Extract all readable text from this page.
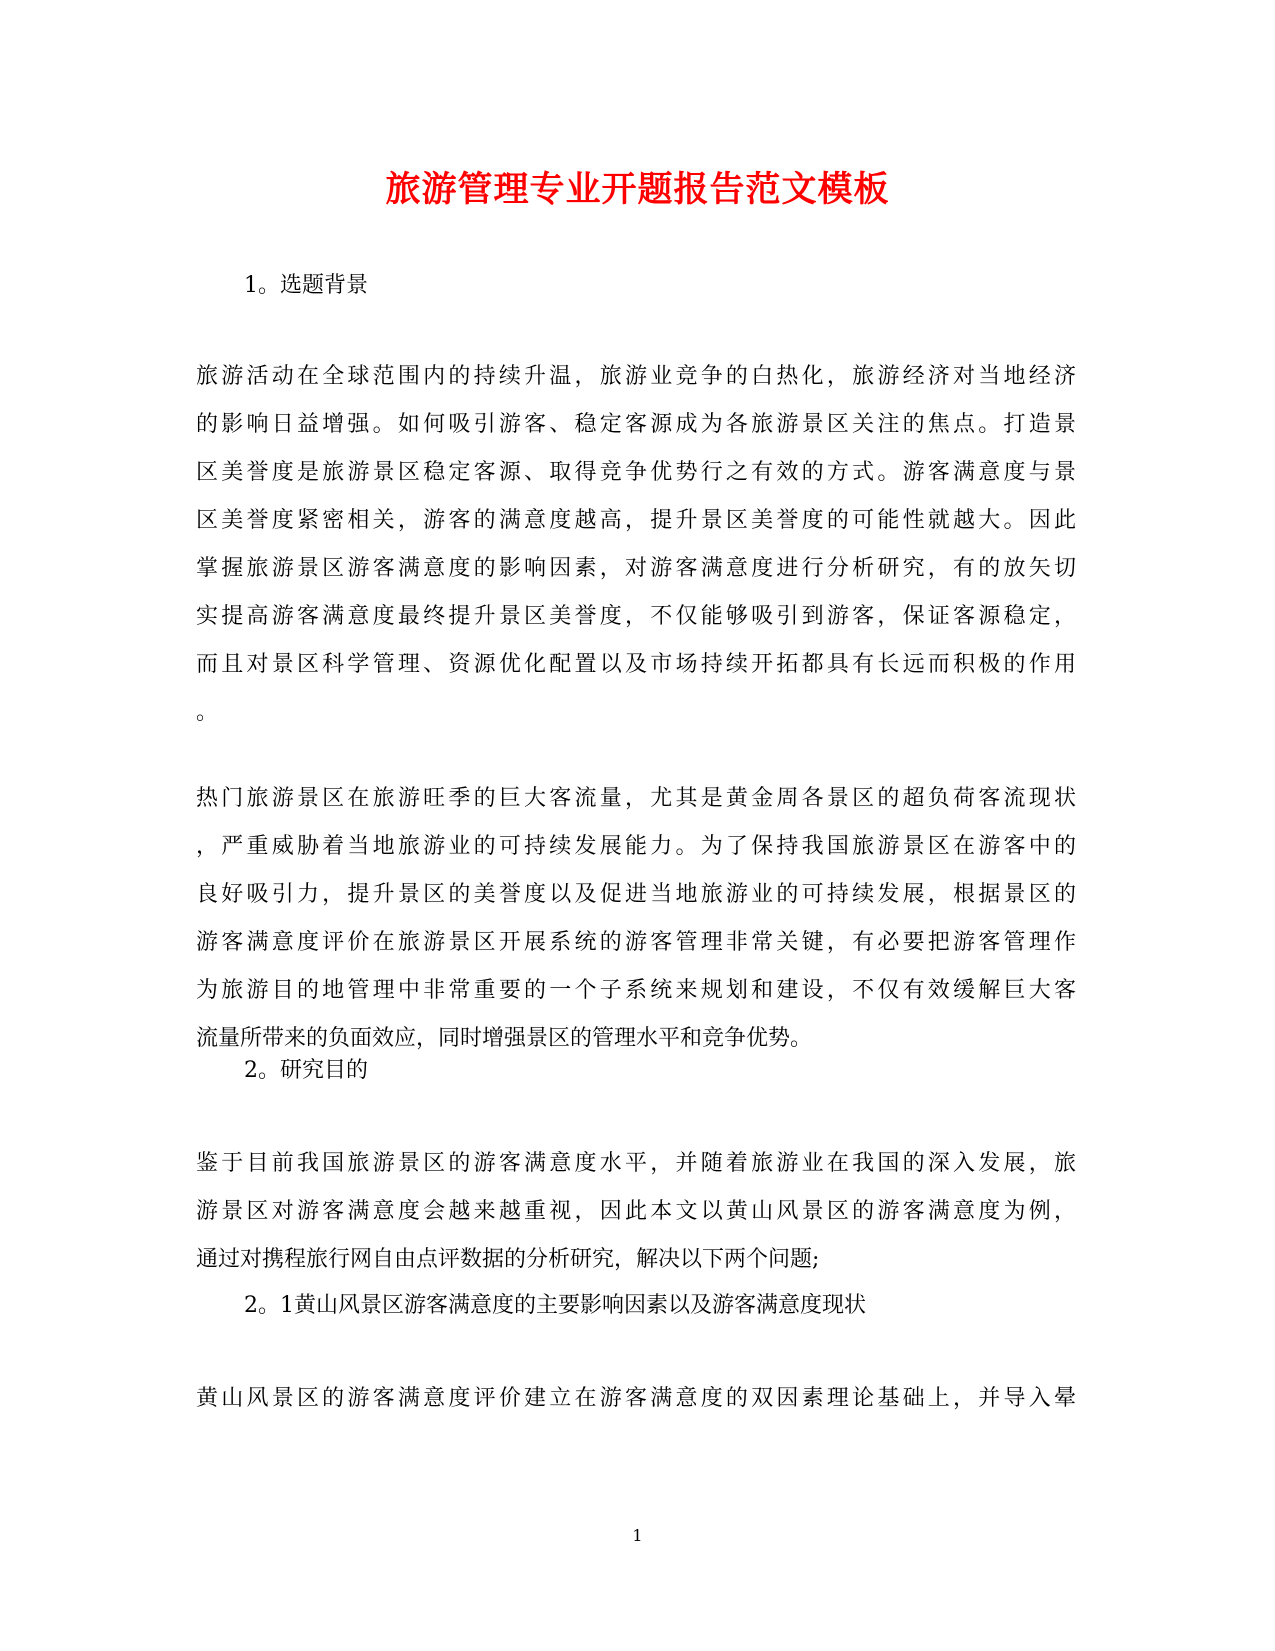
旅游管理专业开题报告范文模板
1。选题背景
旅游活动在全球范围内的持续升温，旅游业竞争的白热化，旅游经济对当地经济
的影响日益增强。如何吸引游客、稳定客源成为各旅游景区关注的焦点。打造景
区美誉度是旅游景区稳定客源、取得竞争优势行之有效的方式。游客满意度与景
区美誉度紧密相关，游客的满意度越高，提升景区美誉度的可能性就越大。因此
掌握旅游景区游客满意度的影响因素，对游客满意度进行分析研究，有的放矢切
实提高游客满意度最终提升景区美誉度，不仅能够吸引到游客，保证客源稳定，
而且对景区科学管理、资源优化配置以及市场持续开拓都具有长远而积极的作用
。
热门旅游景区在旅游旺季的巨大客流量，尤其是黄金周各景区的超负荷客流现状
，严重威胁着当地旅游业的可持续发展能力。为了保持我国旅游景区在游客中的
良好吸引力，提升景区的美誉度以及促进当地旅游业的可持续发展，根据景区的
游客满意度评价在旅游景区开展系统的游客管理非常关键，有必要把游客管理作
为旅游目的地管理中非常重要的一个子系统来规划和建设，不仅有效缓解巨大客
流量所带来的负面效应，同时增强景区的管理水平和竞争优势。
2。研究目的
鉴于目前我国旅游景区的游客满意度水平，并随着旅游业在我国的深入发展，旅
游景区对游客满意度会越来越重视，因此本文以黄山风景区的游客满意度为例，
通过对携程旅行网自由点评数据的分析研究，解决以下两个问题;
2。1黄山风景区游客满意度的主要影响因素以及游客满意度现状
黄山风景区的游客满意度评价建立在游客满意度的双因素理论基础上，并导入晕
1
